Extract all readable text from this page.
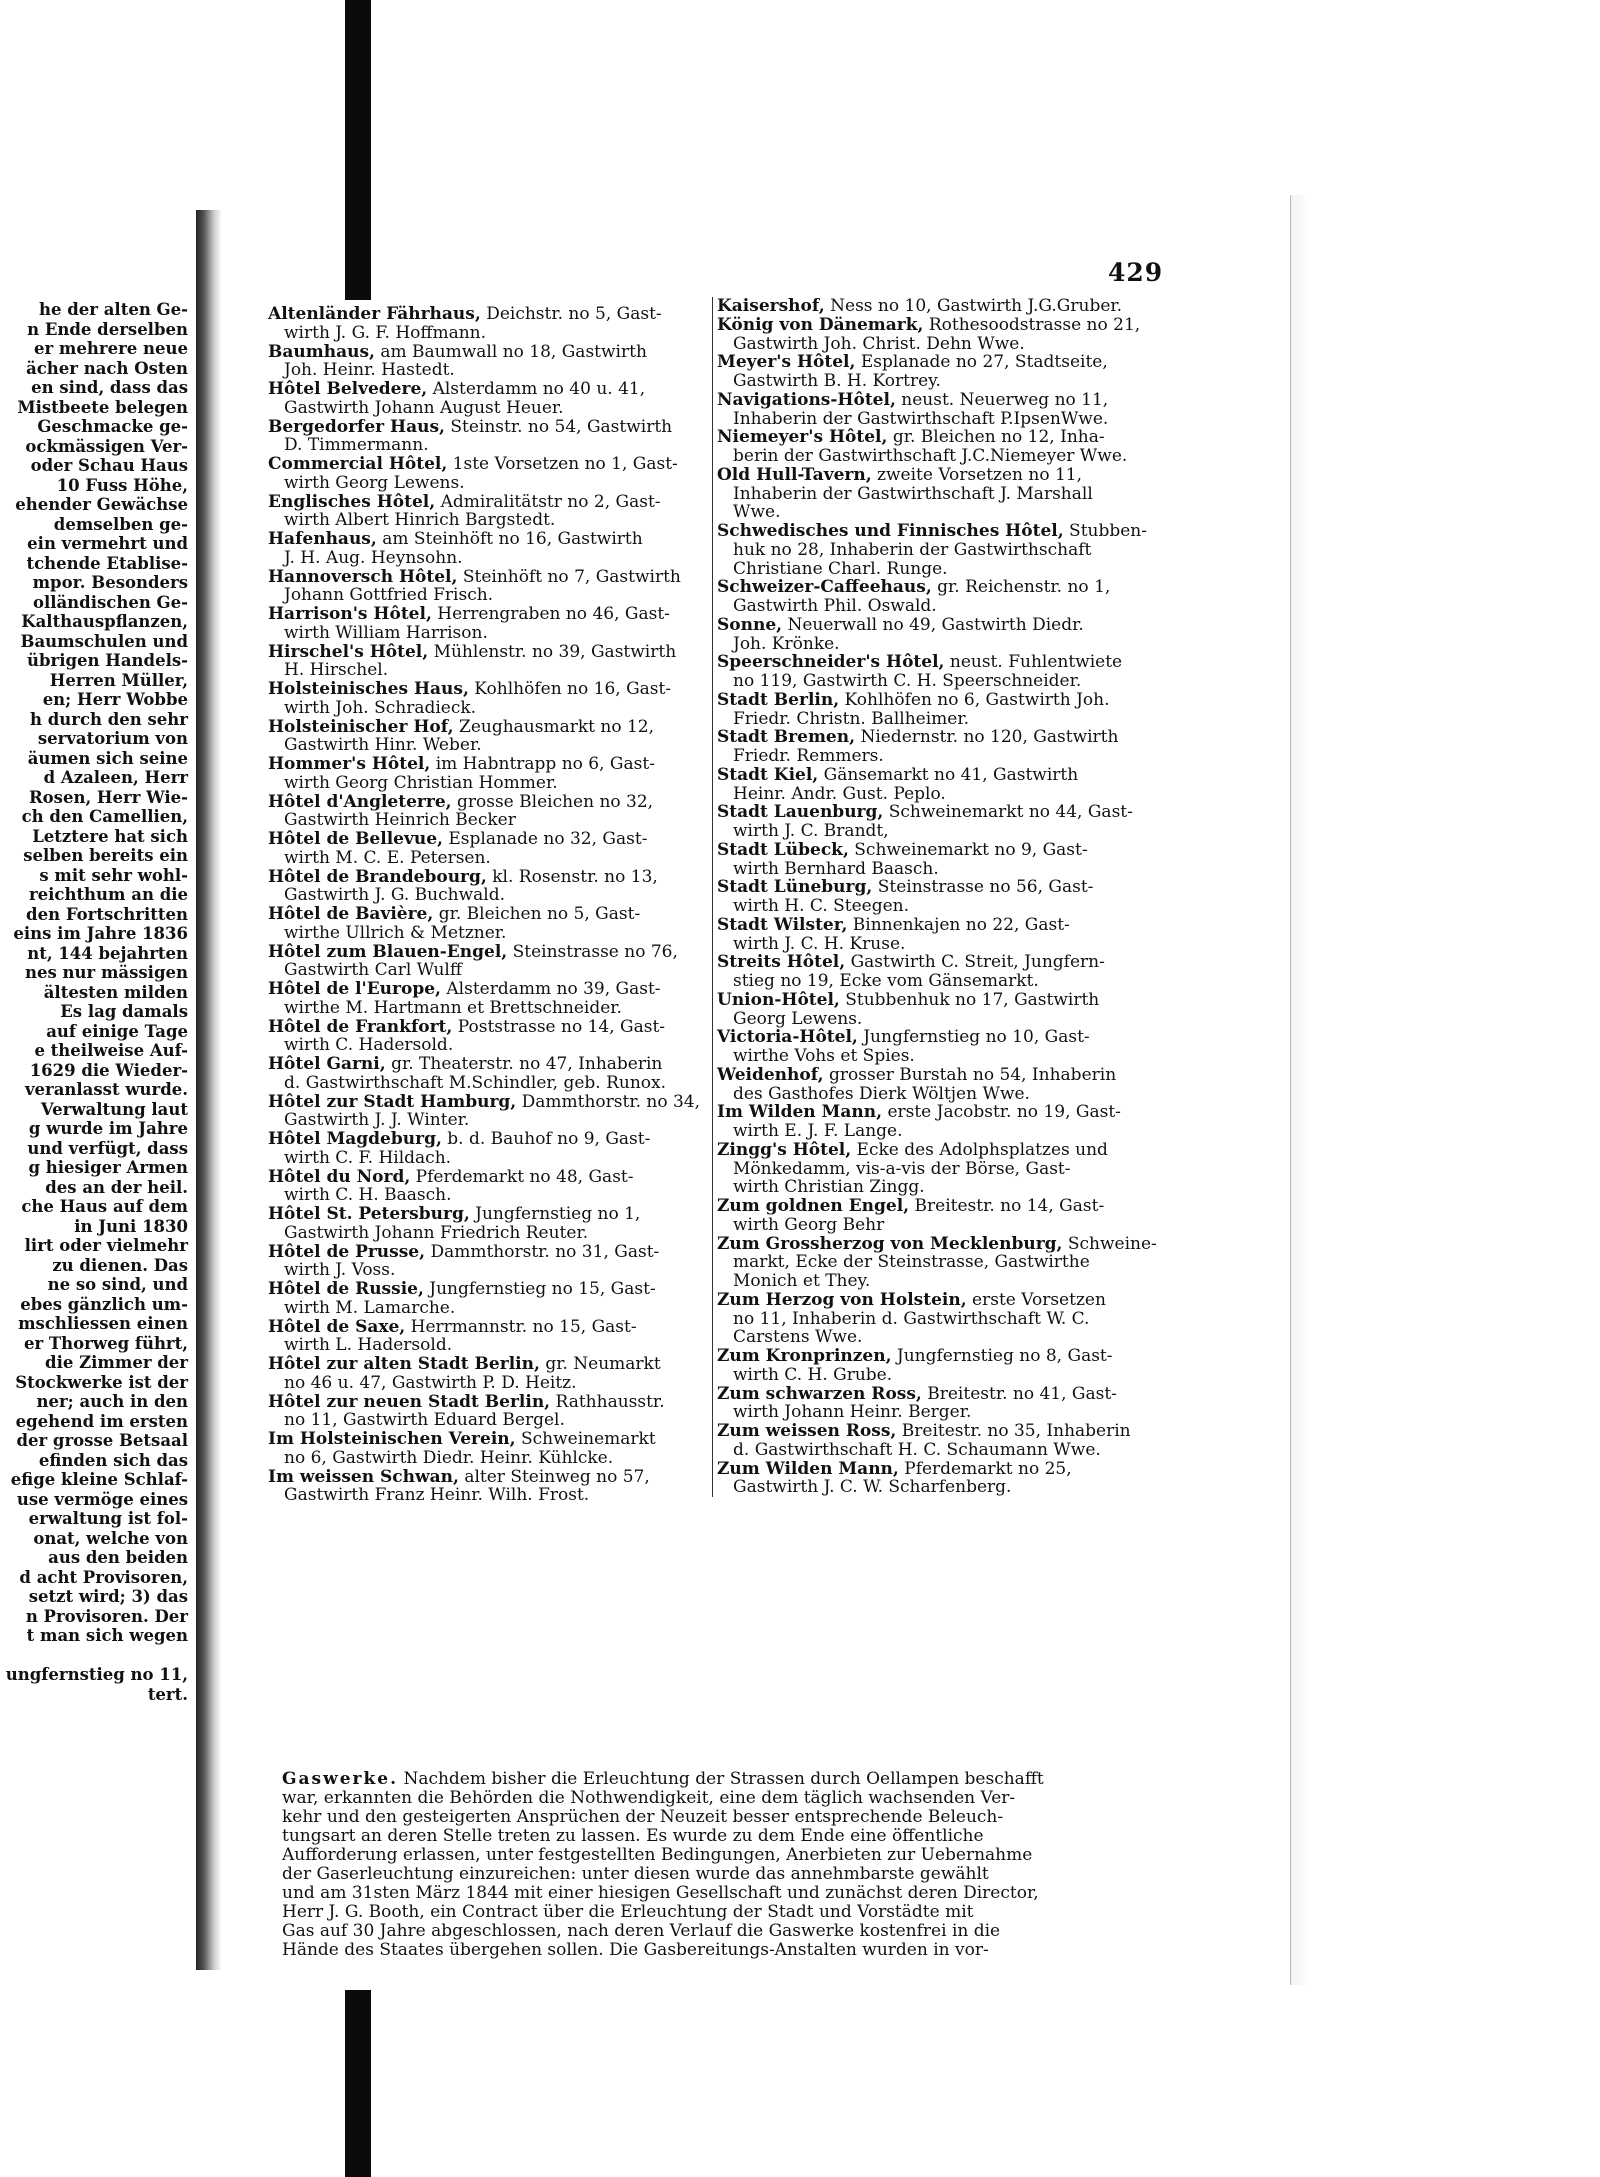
he der alten Ge-
n Ende derselben
er mehrere neue
ächer nach Osten
en sind, dass das
Mistbeete belegen
Geschmacke ge-
ockmässigen Ver-
oder Schau Haus
10 Fuss Höhe,
ehender Gewächse
demselben ge-
ein vermehrt und
tchende Etablise-
mpor. Besonders
olländischen Ge-
Kalthauspflanzen,
Baumschulen und
übrigen Handels-
Herren Müller,
en; Herr Wobbe
h durch den sehr
servatorium von
äumen sich seine
d Azaleen, Herr
Rosen, Herr Wie-
ch den Camellien,
Letztere hat sich
selben bereits ein
s mit sehr wohl-
reichthum an die
den Fortschritten
eins im Jahre 1836
nt, 144 bejahrten
nes nur mässigen
ältesten milden
Es lag damals
auf einige Tage
e theilweise Auf-
1629 die Wieder-
veranlasst wurde.
Verwaltung laut
g wurde im Jahre
und verfügt, dass
g hiesiger Armen
des an der heil.
che Haus auf dem
in Juni 1830
lirt oder vielmehr
zu dienen. Das
ne so sind, und
ebes gänzlich um-
mschliessen einen
er Thorweg führt,
die Zimmer der
Stockwerke ist der
ner; auch in den
egehend im ersten
der grosse Betsaal
efinden sich das
efige kleine Schlaf-
use vermöge eines
erwaltung ist fol-
onat, welche von
aus den beiden
d acht Provisoren,
setzt wird; 3) das
n Provisoren. Der
t man sich wegen

ungfernstieg no 11,
tert.
429
Altenländer Fährhaus, Deichstr. no 5, Gast-
wirth J. G. F. Hoffmann.
Baumhaus, am Baumwall no 18, Gastwirth
Joh. Heinr. Hastedt.
Hôtel Belvedere, Alsterdamm no 40 u. 41,
Gastwirth Johann August Heuer.
Bergedorfer Haus, Steinstr. no 54, Gastwirth
D. Timmermann.
Commercial Hôtel, 1ste Vorsetzen no 1, Gast-
wirth Georg Lewens.
Englisches Hôtel, Admiralitätstr no 2, Gast-
wirth Albert Hinrich Bargstedt.
Hafenhaus, am Steinhöft no 16, Gastwirth
J. H. Aug. Heynsohn.
Hannoversch Hôtel, Steinhöft no 7, Gastwirth
Johann Gottfried Frisch.
Harrison's Hôtel, Herrengraben no 46, Gast-
wirth William Harrison.
Hirschel's Hôtel, Mühlenstr. no 39, Gastwirth
H. Hirschel.
Holsteinisches Haus, Kohlhöfen no 16, Gast-
wirth Joh. Schradieck.
Holsteinischer Hof, Zeughausmarkt no 12,
Gastwirth Hinr. Weber.
Hommer's Hôtel, im Habntrapp no 6, Gast-
wirth Georg Christian Hommer.
Hôtel d'Angleterre, grosse Bleichen no 32,
Gastwirth Heinrich Becker
Hôtel de Bellevue, Esplanade no 32, Gast-
wirth M. C. E. Petersen.
Hôtel de Brandebourg, kl. Rosenstr. no 13,
Gastwirth J. G. Buchwald.
Hôtel de Bavière, gr. Bleichen no 5, Gast-
wirthe Ullrich & Metzner.
Hôtel zum Blauen-Engel, Steinstrasse no 76,
Gastwirth Carl Wulff
Hôtel de l'Europe, Alsterdamm no 39, Gast-
wirthe M. Hartmann et Brettschneider.
Hôtel de Frankfort, Poststrasse no 14, Gast-
wirth C. Hadersold.
Hôtel Garni, gr. Theaterstr. no 47, Inhaberin
d. Gastwirthschaft M.Schindler, geb. Runox.
Hôtel zur Stadt Hamburg, Dammthorstr. no 34,
Gastwirth J. J. Winter.
Hôtel Magdeburg, b. d. Bauhof no 9, Gast-
wirth C. F. Hildach.
Hôtel du Nord, Pferdemarkt no 48, Gast-
wirth C. H. Baasch.
Hôtel St. Petersburg, Jungfernstieg no 1,
Gastwirth Johann Friedrich Reuter.
Hôtel de Prusse, Dammthorstr. no 31, Gast-
wirth J. Voss.
Hôtel de Russie, Jungfernstieg no 15, Gast-
wirth M. Lamarche.
Hôtel de Saxe, Herrmannstr. no 15, Gast-
wirth L. Hadersold.
Hôtel zur alten Stadt Berlin, gr. Neumarkt
no 46 u. 47, Gastwirth P. D. Heitz.
Hôtel zur neuen Stadt Berlin, Rathhausstr.
no 11, Gastwirth Eduard Bergel.
Im Holsteinischen Verein, Schweinemarkt
no 6, Gastwirth Diedr. Heinr. Kühlcke.
Im weissen Schwan, alter Steinweg no 57,
Gastwirth Franz Heinr. Wilh. Frost.
Kaisershof, Ness no 10, Gastwirth J.G.Gruber.
König von Dänemark, Rothesoodstrasse no 21,
Gastwirth Joh. Christ. Dehn Wwe.
Meyer's Hôtel, Esplanade no 27, Stadtseite,
Gastwirth B. H. Kortrey.
Navigations-Hôtel, neust. Neuerweg no 11,
Inhaberin der Gastwirthschaft P.IpsenWwe.
Niemeyer's Hôtel, gr. Bleichen no 12, Inha-
berin der Gastwirthschaft J.C.Niemeyer Wwe.
Old Hull-Tavern, zweite Vorsetzen no 11,
Inhaberin der Gastwirthschaft J. Marshall
Wwe.
Schwedisches und Finnisches Hôtel, Stubben-
huk no 28, Inhaberin der Gastwirthschaft
Christiane Charl. Runge.
Schweizer-Caffeehaus, gr. Reichenstr. no 1,
Gastwirth Phil. Oswald.
Sonne, Neuerwall no 49, Gastwirth Diedr.
Joh. Krönke.
Speerschneider's Hôtel, neust. Fuhlentwiete
no 119, Gastwirth C. H. Speerschneider.
Stadt Berlin, Kohlhöfen no 6, Gastwirth Joh.
Friedr. Christn. Ballheimer.
Stadt Bremen, Niedernstr. no 120, Gastwirth
Friedr. Remmers.
Stadt Kiel, Gänsemarkt no 41, Gastwirth
Heinr. Andr. Gust. Peplo.
Stadt Lauenburg, Schweinemarkt no 44, Gast-
wirth J. C. Brandt,
Stadt Lübeck, Schweinemarkt no 9, Gast-
wirth Bernhard Baasch.
Stadt Lüneburg, Steinstrasse no 56, Gast-
wirth H. C. Steegen.
Stadt Wilster, Binnenkajen no 22, Gast-
wirth J. C. H. Kruse.
Streits Hôtel, Gastwirth C. Streit, Jungfern-
stieg no 19, Ecke vom Gänsemarkt.
Union-Hôtel, Stubbenhuk no 17, Gastwirth
Georg Lewens.
Victoria-Hôtel, Jungfernstieg no 10, Gast-
wirthe Vohs et Spies.
Weidenhof, grosser Burstah no 54, Inhaberin
des Gasthofes Dierk Wöltjen Wwe.
Im Wilden Mann, erste Jacobstr. no 19, Gast-
wirth E. J. F. Lange.
Zingg's Hôtel, Ecke des Adolphsplatzes und
Mönkedamm, vis-a-vis der Börse, Gast-
wirth Christian Zingg.
Zum goldnen Engel, Breitestr. no 14, Gast-
wirth Georg Behr
Zum Grossherzog von Mecklenburg, Schweine-
markt, Ecke der Steinstrasse, Gastwirthe
Monich et They.
Zum Herzog von Holstein, erste Vorsetzen
no 11, Inhaberin d. Gastwirthschaft W. C.
Carstens Wwe.
Zum Kronprinzen, Jungfernstieg no 8, Gast-
wirth C. H. Grube.
Zum schwarzen Ross, Breitestr. no 41, Gast-
wirth Johann Heinr. Berger.
Zum weissen Ross, Breitestr. no 35, Inhaberin
d. Gastwirthschaft H. C. Schaumann Wwe.
Zum Wilden Mann, Pferdemarkt no 25,
Gastwirth J. C. W. Scharfenberg.
Gaswerke. Nachdem bisher die Erleuchtung der Strassen durch Oellampen beschafft
war, erkannten die Behörden die Nothwendigkeit, eine dem täglich wachsenden Ver-
kehr und den gesteigerten Ansprüchen der Neuzeit besser entsprechende Beleuch-
tungsart an deren Stelle treten zu lassen. Es wurde zu dem Ende eine öffentliche
Aufforderung erlassen, unter festgestellten Bedingungen, Anerbieten zur Uebernahme
der Gaserleuchtung einzureichen: unter diesen wurde das annehmbarste gewählt
und am 31sten März 1844 mit einer hiesigen Gesellschaft und zunächst deren Director,
Herr J. G. Booth, ein Contract über die Erleuchtung der Stadt und Vorstädte mit
Gas auf 30 Jahre abgeschlossen, nach deren Verlauf die Gaswerke kostenfrei in die
Hände des Staates übergehen sollen. Die Gasbereitungs-Anstalten wurden in vor-
